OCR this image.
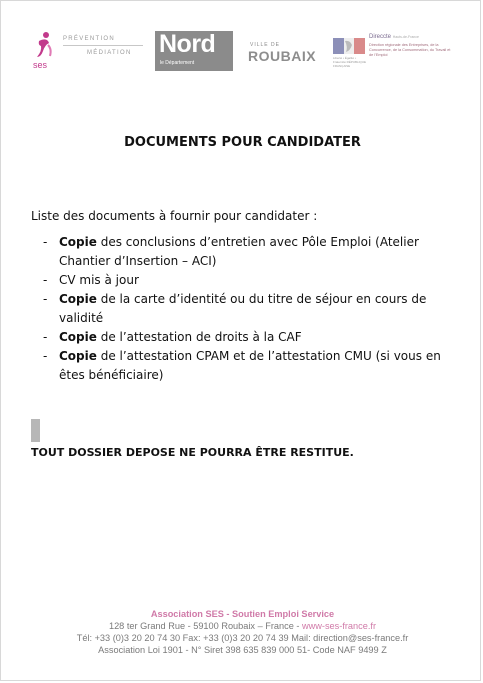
ses
PRÉVENTION
MÉDIATION Nord
le Département
VILLE DE
ROUBAIX	Liberté • Égalité • Fraternité RÉPUBLIQUE FRANÇAISE
Direccte Hauts-de-France
Direction régionale des Entreprises, de la Concurrence, de la Consommation, du Travail et de l'Emploi
DOCUMENTS POUR CANDIDATER
Liste des documents à fournir pour candidater :
- Copie des conclusions d’entretien avec Pôle Emploi (Atelier Chantier d’Insertion – ACI)
- CV mis à jour
- Copie de la carte d’identité ou du titre de séjour en cours de validité
- Copie de l’attestation de droits à la CAF
- Copie de l’attestation CPAM et de l’attestation CMU (si vous en êtes bénéficiaire)
TOUT DOSSIER DEPOSE NE POURRA ÊTRE RESTITUE.
Association SES - Soutien Emploi Service
128 ter Grand Rue - 59100 Roubaix – France - www-ses-france.fr
Tél: +33 (0)3 20 20 74 30 Fax: +33 (0)3 20 20 74 39 Mail: direction@ses-france.fr
Association Loi 1901 - N° Siret 398 635 839 000 51- Code NAF 9499 Z
